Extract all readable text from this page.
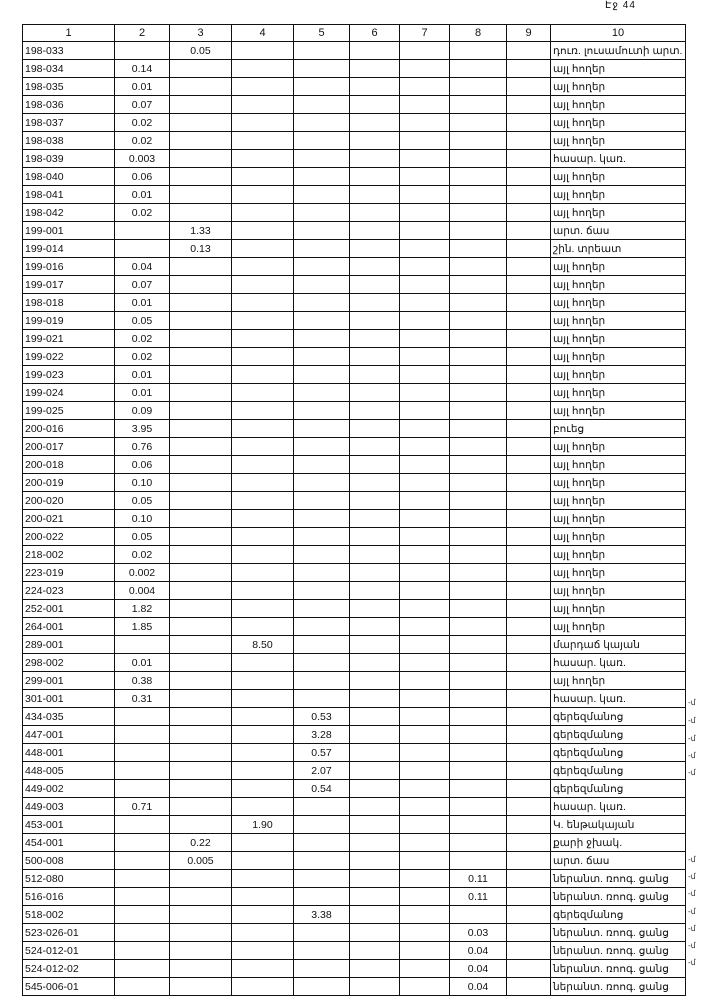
Էջ 44
1	2	3	4	5	6	7	8	9	10
198-033		0.05							դուռ. լուսամուտի արտ.
198-034	0.14								այլ հողեր
198-035	0.01								այլ հողեր
198-036	0.07								այլ հողեր
198-037	0.02								այլ հողեր
198-038	0.02								այլ հողեր
198-039	0.003								հասար. կառ.
198-040	0.06								այլ հողեր
198-041	0.01								այլ հողեր
198-042	0.02								այլ հողեր
199-001		1.33							արտ. ճաս
199-014		0.13							շին. տրեատ
199-016	0.04								այլ հողեր
199-017	0.07								այլ հողեր
198-018	0.01								այլ հողեր
199-019	0.05								այլ հողեր
199-021	0.02								այլ հողեր
199-022	0.02								այլ հողեր
199-023	0.01								այլ հողեր
199-024	0.01								այլ հողեր
199-025	0.09								այլ հողեր
200-016	3.95								բուեց
200-017	0.76								այլ հողեր
200-018	0.06								այլ հողեր
200-019	0.10								այլ հողեր
200-020	0.05								այլ հողեր
200-021	0.10								այլ հողեր
200-022	0.05								այլ հողեր
218-002	0.02								այլ հողեր
223-019	0.002								այլ հողեր
224-023	0.004								այլ հողեր
252-001	1.82								այլ հողեր
264-001	1.85								այլ հողեր
289-001			8.50						մարդաճ կայան
298-002	0.01								հասար. կառ.
299-001	0.38								այլ հողեր
301-001	0.31								հասար. կառ.
434-035				0.53					գերեզմանոց
447-001				3.28					գերեզմանոց
448-001				0.57					գերեզմանոց
448-005				2.07					գերեզմանոց
449-002				0.54					գերեզմանոց
449-003	0.71								հասար. կառ.
453-001			1.90						Կ. ենթակայան
454-001		0.22							քարի ջխակ.
500-008		0.005							արտ. ճաս
512-080							0.11		ներանտ. ռոոգ. ցանց
516-016							0.11		ներանտ. ռոոգ. ցանց
518-002				3.38					գերեզմանոց
523-026-01							0.03		ներանտ. ռոոգ. ցանց
524-012-01							0.04		ներանտ. ռոոգ. ցանց
524-012-02							0.04		ներանտ. ռոոգ. ցանց
545-006-01							0.04		ներանտ. ռոոգ. ցանց
-մ
-մ
-մ
-մ
-մ
-մ
-մ
-մ
-մ
-մ
-մ
-մ
